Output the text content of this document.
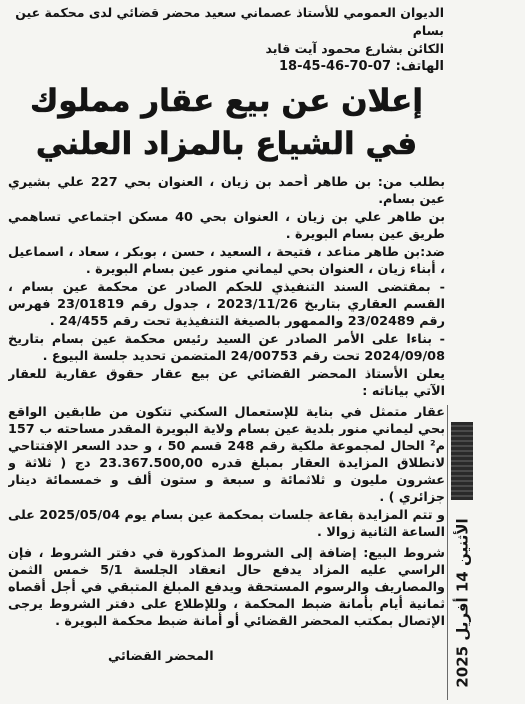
الديوان العمومي للأستاذ عصماني سعيد محضر قضائي لدى محكمة عين بسام
الكائن بشارع محمود آيت قايد
الهاتف: 07-70-46-45-18
إعلان عن بيع عقار مملوك
في الشياع بالمزاد العلني

بطلب من: بن طاهر أحمد بن زيان ، العنوان بحي 227 علي بشيري عين بسام.

بن طاهر علي بن زيان ، العنوان بحي 40 مسكن اجتماعي تساهمي طريق عين بسام البويرة .

ضد:بن طاهر مناعد ، فتيحة ، السعيد ، حسن ، بوبكر ، سعاد ، اسماعيل ، أبناء زيان ، العنوان بحي ليماني منور عين بسام البويرة .

- بمقتضى السند التنفيذي للحكم الصادر عن محكمة عين بسام ، القسم العقاري بتاريخ 2023/11/26 ، جدول رقم 23/01819 فهرس رقم 23/02489 والممهور بالصيغة التنفيذية تحت رقم 24/455 .

- بناءا على الأمر الصادر عن السيد رئيس محكمة عين بسام بتاريخ 2024/09/08 تحت رقم 24/00753 المتضمن تحديد جلسة البيوع .

يعلن الأستاذ المحضر القضائي عن بيع عقار حقوق عقارية للعقار الآتي بياناته :

عقار متمثل في بناية للإستعمال السكني تتكون من طابقين الواقع بحي ليماني منور بلدية عين بسام ولاية البويرة المقدر مساحته ب 157 م² الحال لمجموعة ملكية رقم 248 قسم 50 ، و حدد السعر الإفتتاحي لانطلاق المزايدة العقار بمبلغ قدره 23.367.500,00 دج ( ثلاثة و عشرون مليون و ثلاثمائة و سبعة و ستون ألف و خمسمائة دينار جزائري ) .

و تتم المزايدة بقاعة جلسات بمحكمة عين بسام يوم 2025/05/04 على الساعة الثانية زوالا .

شروط البيع: إضافة إلى الشروط المذكورة في دفتر الشروط ، فإن الراسي عليه المزاد يدفع حال انعقاد الجلسة 5/1 خمس الثمن والمصاريف والرسوم المستحقة ويدفع المبلغ المتبقي في أجل أقصاه ثمانية أيام بأمانة ضبط المحكمة ، وللإطلاع على دفتر الشروط يرجى الإتصال بمكتب المحضر القضائي أو أمانة ضبط محكمة البويرة .

المحضر القضائي	الأثنين 14 أفريل 2025
